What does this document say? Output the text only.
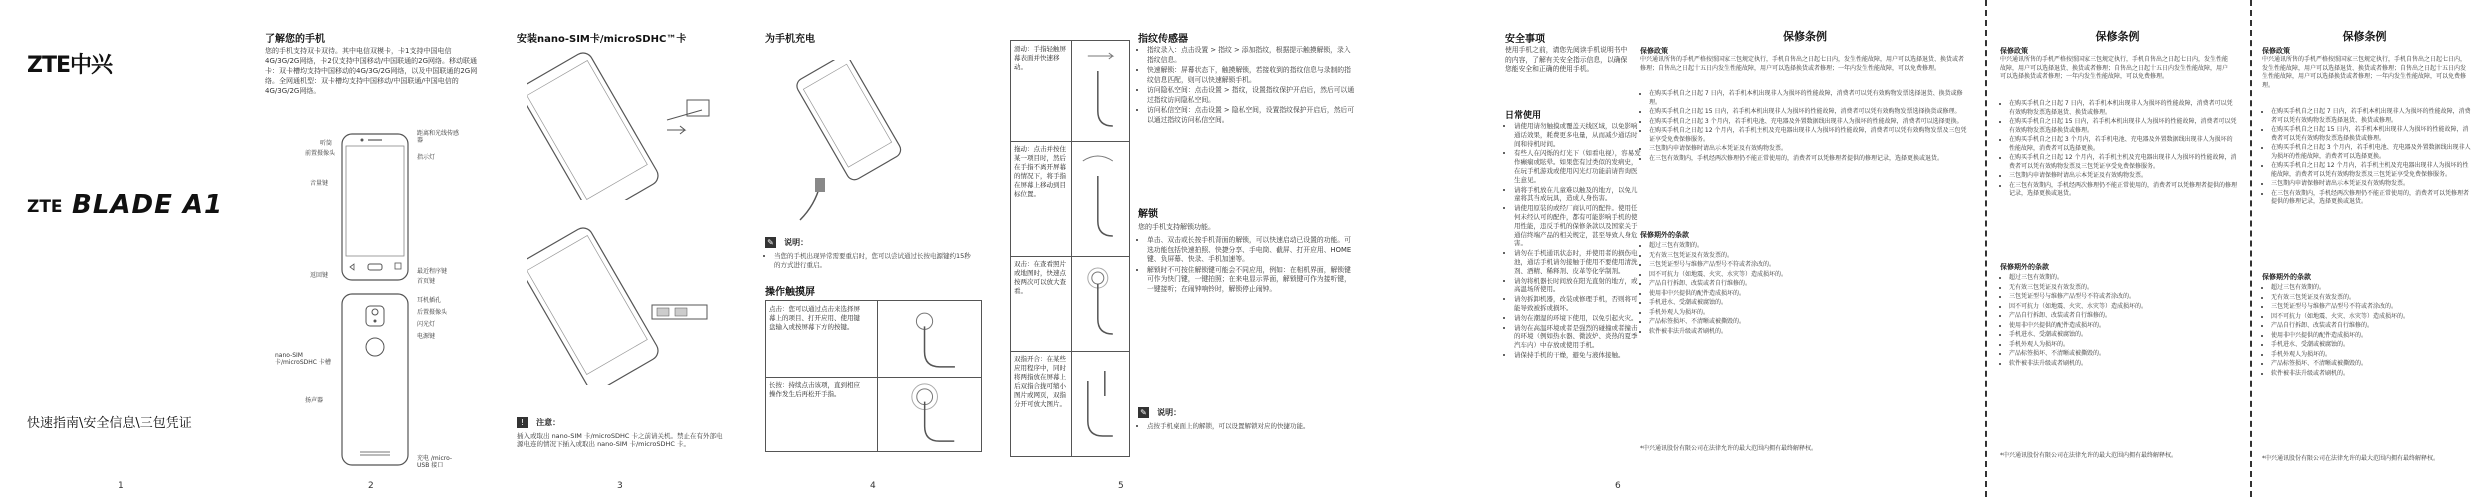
ZTE中兴
ZTE BLADE A1
快速指南\安全信息\三包凭证
1
了解您的手机
您的手机支持双卡双待。其中电信双模卡，卡1支持中国电信4G/3G/2G网络，卡2仅支持中国移动/中国联通的2G网络。移动联通卡：双卡槽均支持中国移动的4G/3G/2G网络，以及中国联通的2G网络。全网通机型：双卡槽均支持中国移动/中国联通/中国电信的4G/3G/2G网络。
听筒
前置摄像头
音量键
返回键
首页键
最近程序键
距离和光线传感器
指示灯
耳机插孔
后置摄像头
闪光灯
电源键
nano-SIM 卡/microSDHC 卡槽
扬声器
充电 /micro-USB 接口
2
安装nano-SIM卡/microSDHC™卡
! 注意：
插入或取出 nano-SIM 卡/microSDHC 卡之前请关机。禁止在有外部电源电连的情况下插入或取出 nano-SIM 卡/microSDHC 卡。
3
为手机充电
✎ 说明：
• 当您的手机出现异常需要重启时，您可以尝试通过长按电源键约15秒的方式进行重启。
操作触摸屏
点击：您可以通过点击来选择屏幕上的项目、打开应用、使用键盘输入或按屏幕下方的按键。
长按：持续点击该项，直到相应操作发生后再松开手指。
4
滑动：手指轻触屏幕表面并快速移动。
拖动：点击并按住某一项目时，然后在手指不离开屏幕的情况下，将手指在屏幕上移动到目标位置。
双击：在查看照片或地图时，快速点按两次可以放大查看。
双指开合：在某些应用程序中，同时将两指放在屏幕上后双指合拢可缩小图片或网页，双指分开可放大图片。
指纹传感器
• 指纹录入：点击设置 > 指纹 > 添加指纹，根据提示触摸解锁，录入指纹信息。
• 快速解锁：屏幕状态下，触摸解锁，若接收到的指纹信息与录制的指纹信息匹配，则可以快速解锁手机。
• 访问隐私空间：点击设置 > 指纹，设置指纹保护开启后，然后可以通过指纹访问隐私空间。
• 访问私信空间：点击设置 > 隐私空间，设置指纹保护开启后，然后可以通过指纹访问私信空间。
解锁
您的手机支持解锁功能。
• 单击、双击或长按手机背面的解锁，可以快速启动已设置的功能。可选功能包括快速拍照、快捷分享、手电筒、截屏、打开应用、HOME键、负屏幕、快录、手机加速等。
• 解锁时不可按住解锁键可能会不同应用，例如：在相机界面，解锁键可作为快门键，一键拍照；在来电显示界面，解锁键可作为接听键，一键接听；在闹钟响铃时，解锁停止闹钟。
✎ 说明：
• 点按手机桌面上的解锁，可以设置解锁对应的快捷功能。
5
安全事项
使用手机之前，请您先阅读手机说明书中的内容，了解有关安全指示信息，以确保您能安全和正确的使用手机。
日常使用
• 请使用请勿触摸或覆盖天线区域，以免影响通话效果，耗费更多电量，从而减少通话时间和待机时间。
• 有些人在闪烁的灯光下（如看电视），容易发作癫痫或眩晕。如果您有过类似的发病史，在玩手机游戏或使用闪光灯功能前请咨询医生意见。
• 请将手机放在儿童难以触及的地方，以免儿童将其当成玩具，造成人身伤害。
• 请使用原装的或经厂商认可的配件。使用任何未经认可的配件，都有可能影响手机的使用性能，违反手机的保修条款以及国家关于通信终端产品的相关规定，甚至导致人身危害。
• 请勿在手机通讯状态时，并使用者的损伤电池，通话手机请勿接触于使用不要使用清洗剂、酒精、稀释剂、皮革等化学制剂。
• 请勿将机器长时间放在阳光直射的地方，或高温场所使用。
• 请勿拆卸机器，改装或修理手机，否则将可能导致被拆或损坏。
• 请勿在潮湿的环境下使用，以免引起火灾。
• 请勿在高温环境或者是强烈的碰撞或者撞击的环境（例如热水器、微波炉、炎热的夏季汽车内）中存放或使用手机。
• 请保持手机的干燥，避免与液体接触。
6
保修条例
保修政策
中兴通讯所售的手机严格按照国家三包规定执行，手机自售出之日起七日内，发生性能故障，用户可以选择退货、换货或者修理；自售出之日起十五日内发生性能故障，用户可以选择换货或者修理；一年内发生性能故障，可以免费修理。
• 在购买手机自之日起 7 日内，若手机本机出现非人为损坏的性能故障，消费者可以凭有效购物发票选择退货、换货或修理。
• 在购买手机自之日起 15 日内，若手机本机出现非人为损坏的性能故障，消费者可以凭有效购物发票选择换货或修理。
• 在购买手机自之日起 3 个月内，若手机电池、充电器及外置数据线出现非人为损坏的性能故障，消费者可以选择更换。
• 在购买手机自之日起 12 个月内，若手机主机及充电器出现非人为损坏的性能故障，消费者可以凭有效购物发票及三包凭证享受免费保修服务。
• 三包期内申请保修时请出示本凭证及有效购物发票。
• 在三包有效期内，手机经两次修理仍不能正常使用的，消费者可以凭修理者提供的修理记录，选择更换或退货。
保修期外的条款
• 超过三包有效期的。
• 无有效三包凭证及有效发票的。
• 三包凭证型号与维修产品型号不符或者涂改的。
• 因不可抗力（如地震、火灾、水灾等）造成损坏的。
• 产品自行拆卸、改装或者自行维修的。
• 使用非中兴提供的配件造成损坏的。
• 手机进水、受潮或被腐蚀的。
• 手机外观人为损坏的。
• 产品标签损坏、不清晰或被撕毁的。
• 软件被非法升级或者刷机的。
*中兴通讯股份有限公司在法律允许的最大范围内拥有最终解释权。
保修条例
保修政策
中兴通讯所售的手机严格按照国家三包规定执行，手机自售出之日起七日内，发生性能故障，用户可以选择退货、换货或者修理；自售出之日起十五日内发生性能故障，用户可以选择换货或者修理；一年内发生性能故障，可以免费修理。
• 在购买手机自之日起 7 日内，若手机本机出现非人为损坏的性能故障，消费者可以凭有效购物发票选择退货、换货或修理。
• 在购买手机自之日起 15 日内，若手机本机出现非人为损坏的性能故障，消费者可以凭有效购物发票选择换货或修理。
• 在购买手机自之日起 3 个月内，若手机电池、充电器及外置数据线出现非人为损坏的性能故障，消费者可以选择更换。
• 在购买手机自之日起 12 个月内，若手机主机及充电器出现非人为损坏的性能故障，消费者可以凭有效购物发票及三包凭证享受免费保修服务。
• 三包期内申请保修时请出示本凭证及有效购物发票。
• 在三包有效期内，手机经两次修理仍不能正常使用的，消费者可以凭修理者提供的修理记录，选择更换或退货。
保修期外的条款
• 超过三包有效期的。
• 无有效三包凭证及有效发票的。
• 三包凭证型号与维修产品型号不符或者涂改的。
• 因不可抗力（如地震、火灾、水灾等）造成损坏的。
• 产品自行拆卸、改装或者自行维修的。
• 使用非中兴提供的配件造成损坏的。
• 手机进水、受潮或被腐蚀的。
• 手机外观人为损坏的。
• 产品标签损坏、不清晰或被撕毁的。
• 软件被非法升级或者刷机的。
*中兴通讯股份有限公司在法律允许的最大范围内拥有最终解释权。
保修条例
保修政策
中兴通讯所售的手机严格按照国家三包规定执行，手机自售出之日起七日内，发生性能故障，用户可以选择退货、换货或者修理；自售出之日起十五日内发生性能故障，用户可以选择换货或者修理；一年内发生性能故障，可以免费修理。
• 在购买手机自之日起 7 日内，若手机本机出现非人为损坏的性能故障，消费者可以凭有效购物发票选择退货、换货或修理。
• 在购买手机自之日起 15 日内，若手机本机出现非人为损坏的性能故障，消费者可以凭有效购物发票选择换货或修理。
• 在购买手机自之日起 3 个月内，若手机电池、充电器及外置数据线出现非人为损坏的性能故障，消费者可以选择更换。
• 在购买手机自之日起 12 个月内，若手机主机及充电器出现非人为损坏的性能故障，消费者可以凭有效购物发票及三包凭证享受免费保修服务。
• 三包期内申请保修时请出示本凭证及有效购物发票。
• 在三包有效期内，手机经两次修理仍不能正常使用的，消费者可以凭修理者提供的修理记录，选择更换或退货。
保修期外的条款
• 超过三包有效期的。
• 无有效三包凭证及有效发票的。
• 三包凭证型号与维修产品型号不符或者涂改的。
• 因不可抗力（如地震、火灾、水灾等）造成损坏的。
• 产品自行拆卸、改装或者自行维修的。
• 使用非中兴提供的配件造成损坏的。
• 手机进水、受潮或被腐蚀的。
• 手机外观人为损坏的。
• 产品标签损坏、不清晰或被撕毁的。
• 软件被非法升级或者刷机的。
*中兴通讯股份有限公司在法律允许的最大范围内拥有最终解释权。
